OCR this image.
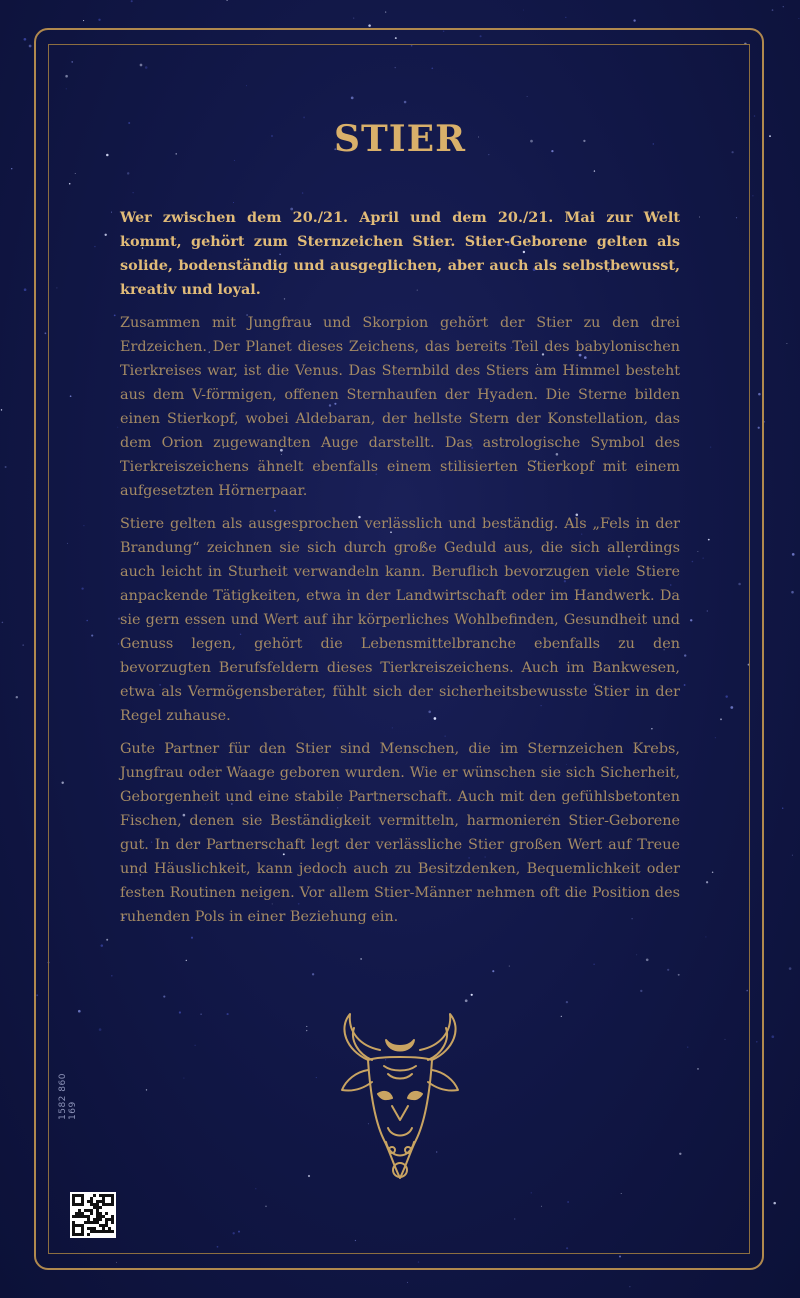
STIER

Wer zwischen dem 20./21. April und dem 20./21. Mai zur Welt kommt, gehört zum Sternzeichen Stier. Stier-Geborene gelten als solide, bodenständig und ausgeglichen, aber auch als selbstbewusst, kreativ und loyal.

Zusammen mit Jungfrau und Skorpion gehört der Stier zu den drei Erdzeichen. Der Planet dieses Zeichens, das bereits Teil des babylonischen Tierkreises war, ist die Venus. Das Sternbild des Stiers am Himmel besteht aus dem V-förmigen, offenen Sternhaufen der Hyaden. Die Sterne bilden einen Stierkopf, wobei Aldebaran, der hellste Stern der Konstellation, das dem Orion zugewandten Auge darstellt. Das astrologische Symbol des Tierkreiszeichens ähnelt ebenfalls einem stilisierten Stierkopf mit einem aufgesetzten Hörnerpaar.

Stiere gelten als ausgesprochen verlässlich und beständig. Als „Fels in der Brandung“ zeichnen sie sich durch große Geduld aus, die sich allerdings auch leicht in Sturheit verwandeln kann. Beruflich bevorzugen viele Stiere anpackende Tätigkeiten, etwa in der Landwirtschaft oder im Handwerk. Da sie gern essen und Wert auf ihr körperliches Wohlbefinden, Gesundheit und Genuss legen, gehört die Lebensmittelbranche ebenfalls zu den bevorzugten Berufsfeldern dieses Tierkreiszeichens. Auch im Bankwesen, etwa als Vermögensberater, fühlt sich der sicherheitsbewusste Stier in der Regel zuhause.

Gute Partner für den Stier sind Menschen, die im Sternzeichen Krebs, Jungfrau oder Waage geboren wurden. Wie er wünschen sie sich Sicherheit, Geborgenheit und eine stabile Partnerschaft. Auch mit den gefühlsbetonten Fischen, denen sie Beständigkeit vermitteln, harmonieren Stier-Geborene gut. In der Partnerschaft legt der verlässliche Stier großen Wert auf Treue und Häuslichkeit, kann jedoch auch zu Besitzdenken, Bequemlichkeit oder festen Routinen neigen. Vor allem Stier-Männer nehmen oft die Position des ruhenden Pols in einer Beziehung ein.

1582 860 169
